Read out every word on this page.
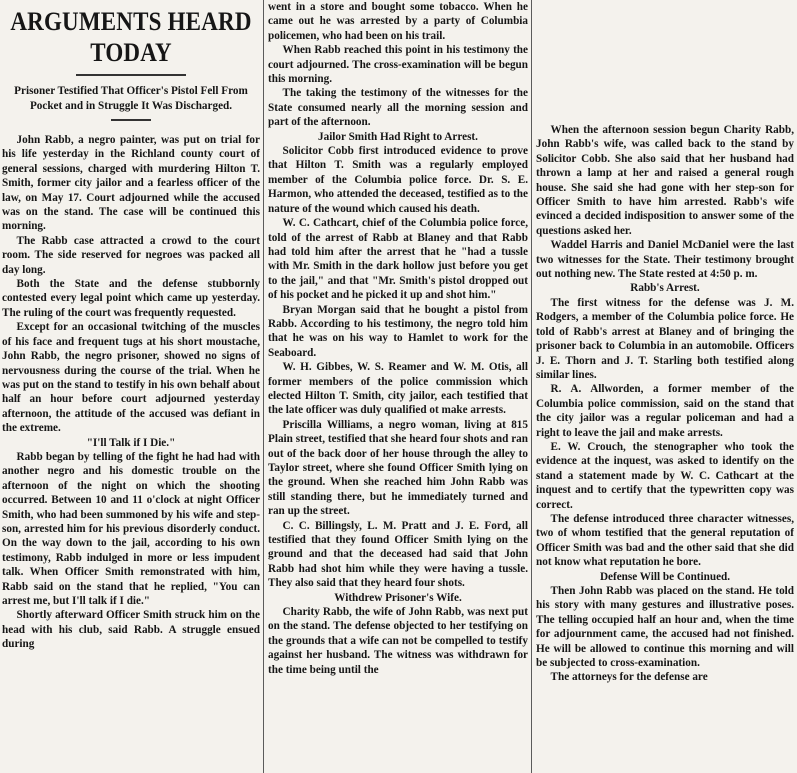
ARGUMENTS HEARD TODAY
Prisoner Testified That Officer's Pistol Fell From Pocket and in Struggle It Was Discharged.

John Rabb, a negro painter, was put on trial for his life yesterday in the Richland county court of general sessions, charged with murdering Hilton T. Smith, former city jailor and a fearless officer of the law, on May 17. Court adjourned while the accused was on the stand. The case will be continued this morning.

The Rabb case attracted a crowd to the court room. The side reserved for negroes was packed all day long.

Both the State and the defense stubbornly contested every legal point which came up yesterday. The ruling of the court was frequently requested.

Except for an occasional twitching of the muscles of his face and frequent tugs at his short moustache, John Rabb, the negro prisoner, showed no signs of nervousness during the course of the trial. When he was put on the stand to testify in his own behalf about half an hour before court adjourned yesterday afternoon, the attitude of the accused was defiant in the extreme.

"I'll Talk if I Die."

Rabb began by telling of the fight he had had with another negro and his domestic trouble on the afternoon of the night on which the shooting occurred. Between 10 and 11 o'clock at night Officer Smith, who had been summoned by his wife and step-son, arrested him for his previous disorderly conduct. On the way down to the jail, according to his own testimony, Rabb indulged in more or less impudent talk. When Officer Smith remonstrated with him, Rabb said on the stand that he replied, "You can arrest me, but I'll talk if I die."

Shortly afterward Officer Smith struck him on the head with his club, said Rabb. A struggle ensued during

went in a store and bought some tobacco. When he came out he was arrested by a party of Columbia policemen, who had been on his trail.

When Rabb reached this point in his testimony the court adjourned. The cross-examination will be begun this morning.

The taking the testimony of the witnesses for the State consumed nearly all the morning session and part of the afternoon.

Jailor Smith Had Right to Arrest.

Solicitor Cobb first introduced evidence to prove that Hilton T. Smith was a regularly employed member of the Columbia police force. Dr. S. E. Harmon, who attended the deceased, testified as to the nature of the wound which caused his death.

W. C. Cathcart, chief of the Columbia police force, told of the arrest of Rabb at Blaney and that Rabb had told him after the arrest that he "had a tussle with Mr. Smith in the dark hollow just before you get to the jail," and that "Mr. Smith's pistol dropped out of his pocket and he picked it up and shot him."

Bryan Morgan said that he bought a pistol from Rabb. According to his testimony, the negro told him that he was on his way to Hamlet to work for the Seaboard.

W. H. Gibbes, W. S. Reamer and W. M. Otis, all former members of the police commission which elected Hilton T. Smith, city jailor, each testified that the late officer was duly qualified ot make arrests.

Priscilla Williams, a negro woman, living at 815 Plain street, testified that she heard four shots and ran out of the back door of her house through the alley to Taylor street, where she found Officer Smith lying on the ground. When she reached him John Rabb was still standing there, but he immediately turned and ran up the street.

C. C. Billingsly, L. M. Pratt and J. E. Ford, all testified that they found Officer Smith lying on the ground and that the deceased had said that John Rabb had shot him while they were having a tussle. They also said that they heard four shots.

Withdrew Prisoner's Wife.

Charity Rabb, the wife of John Rabb, was next put on the stand. The defense objected to her testifying on the grounds that a wife can not be compelled to testify against her husband. The witness was withdrawn for the time being until the

When the afternoon session begun Charity Rabb, John Rabb's wife, was called back to the stand by Solicitor Cobb. She also said that her husband had thrown a lamp at her and raised a general rough house. She said she had gone with her step-son for Officer Smith to have him arrested. Rabb's wife evinced a decided indisposition to answer some of the questions asked her.

Waddel Harris and Daniel McDaniel were the last two witnesses for the State. Their testimony brought out nothing new. The State rested at 4:50 p. m.

Rabb's Arrest.

The first witness for the defense was J. M. Rodgers, a member of the Columbia police force. He told of Rabb's arrest at Blaney and of bringing the prisoner back to Columbia in an automobile. Officers J. E. Thorn and J. T. Starling both testified along similar lines.

R. A. Allworden, a former member of the Columbia police commission, said on the stand that the city jailor was a regular policeman and had a right to leave the jail and make arrests.

E. W. Crouch, the stenographer who took the evidence at the inquest, was asked to identify on the stand a statement made by W. C. Cathcart at the inquest and to certify that the typewritten copy was correct.

The defense introduced three character witnesses, two of whom testified that the general reputation of Officer Smith was bad and the other said that she did not know what reputation he bore.

Defense Will be Continued.

Then John Rabb was placed on the stand. He told his story with many gestures and illustrative poses. The telling occupied half an hour and, when the time for adjournment came, the accused had not finished. He will be allowed to continue this morning and will be subjected to cross-examination.

The attorneys for the defense are
